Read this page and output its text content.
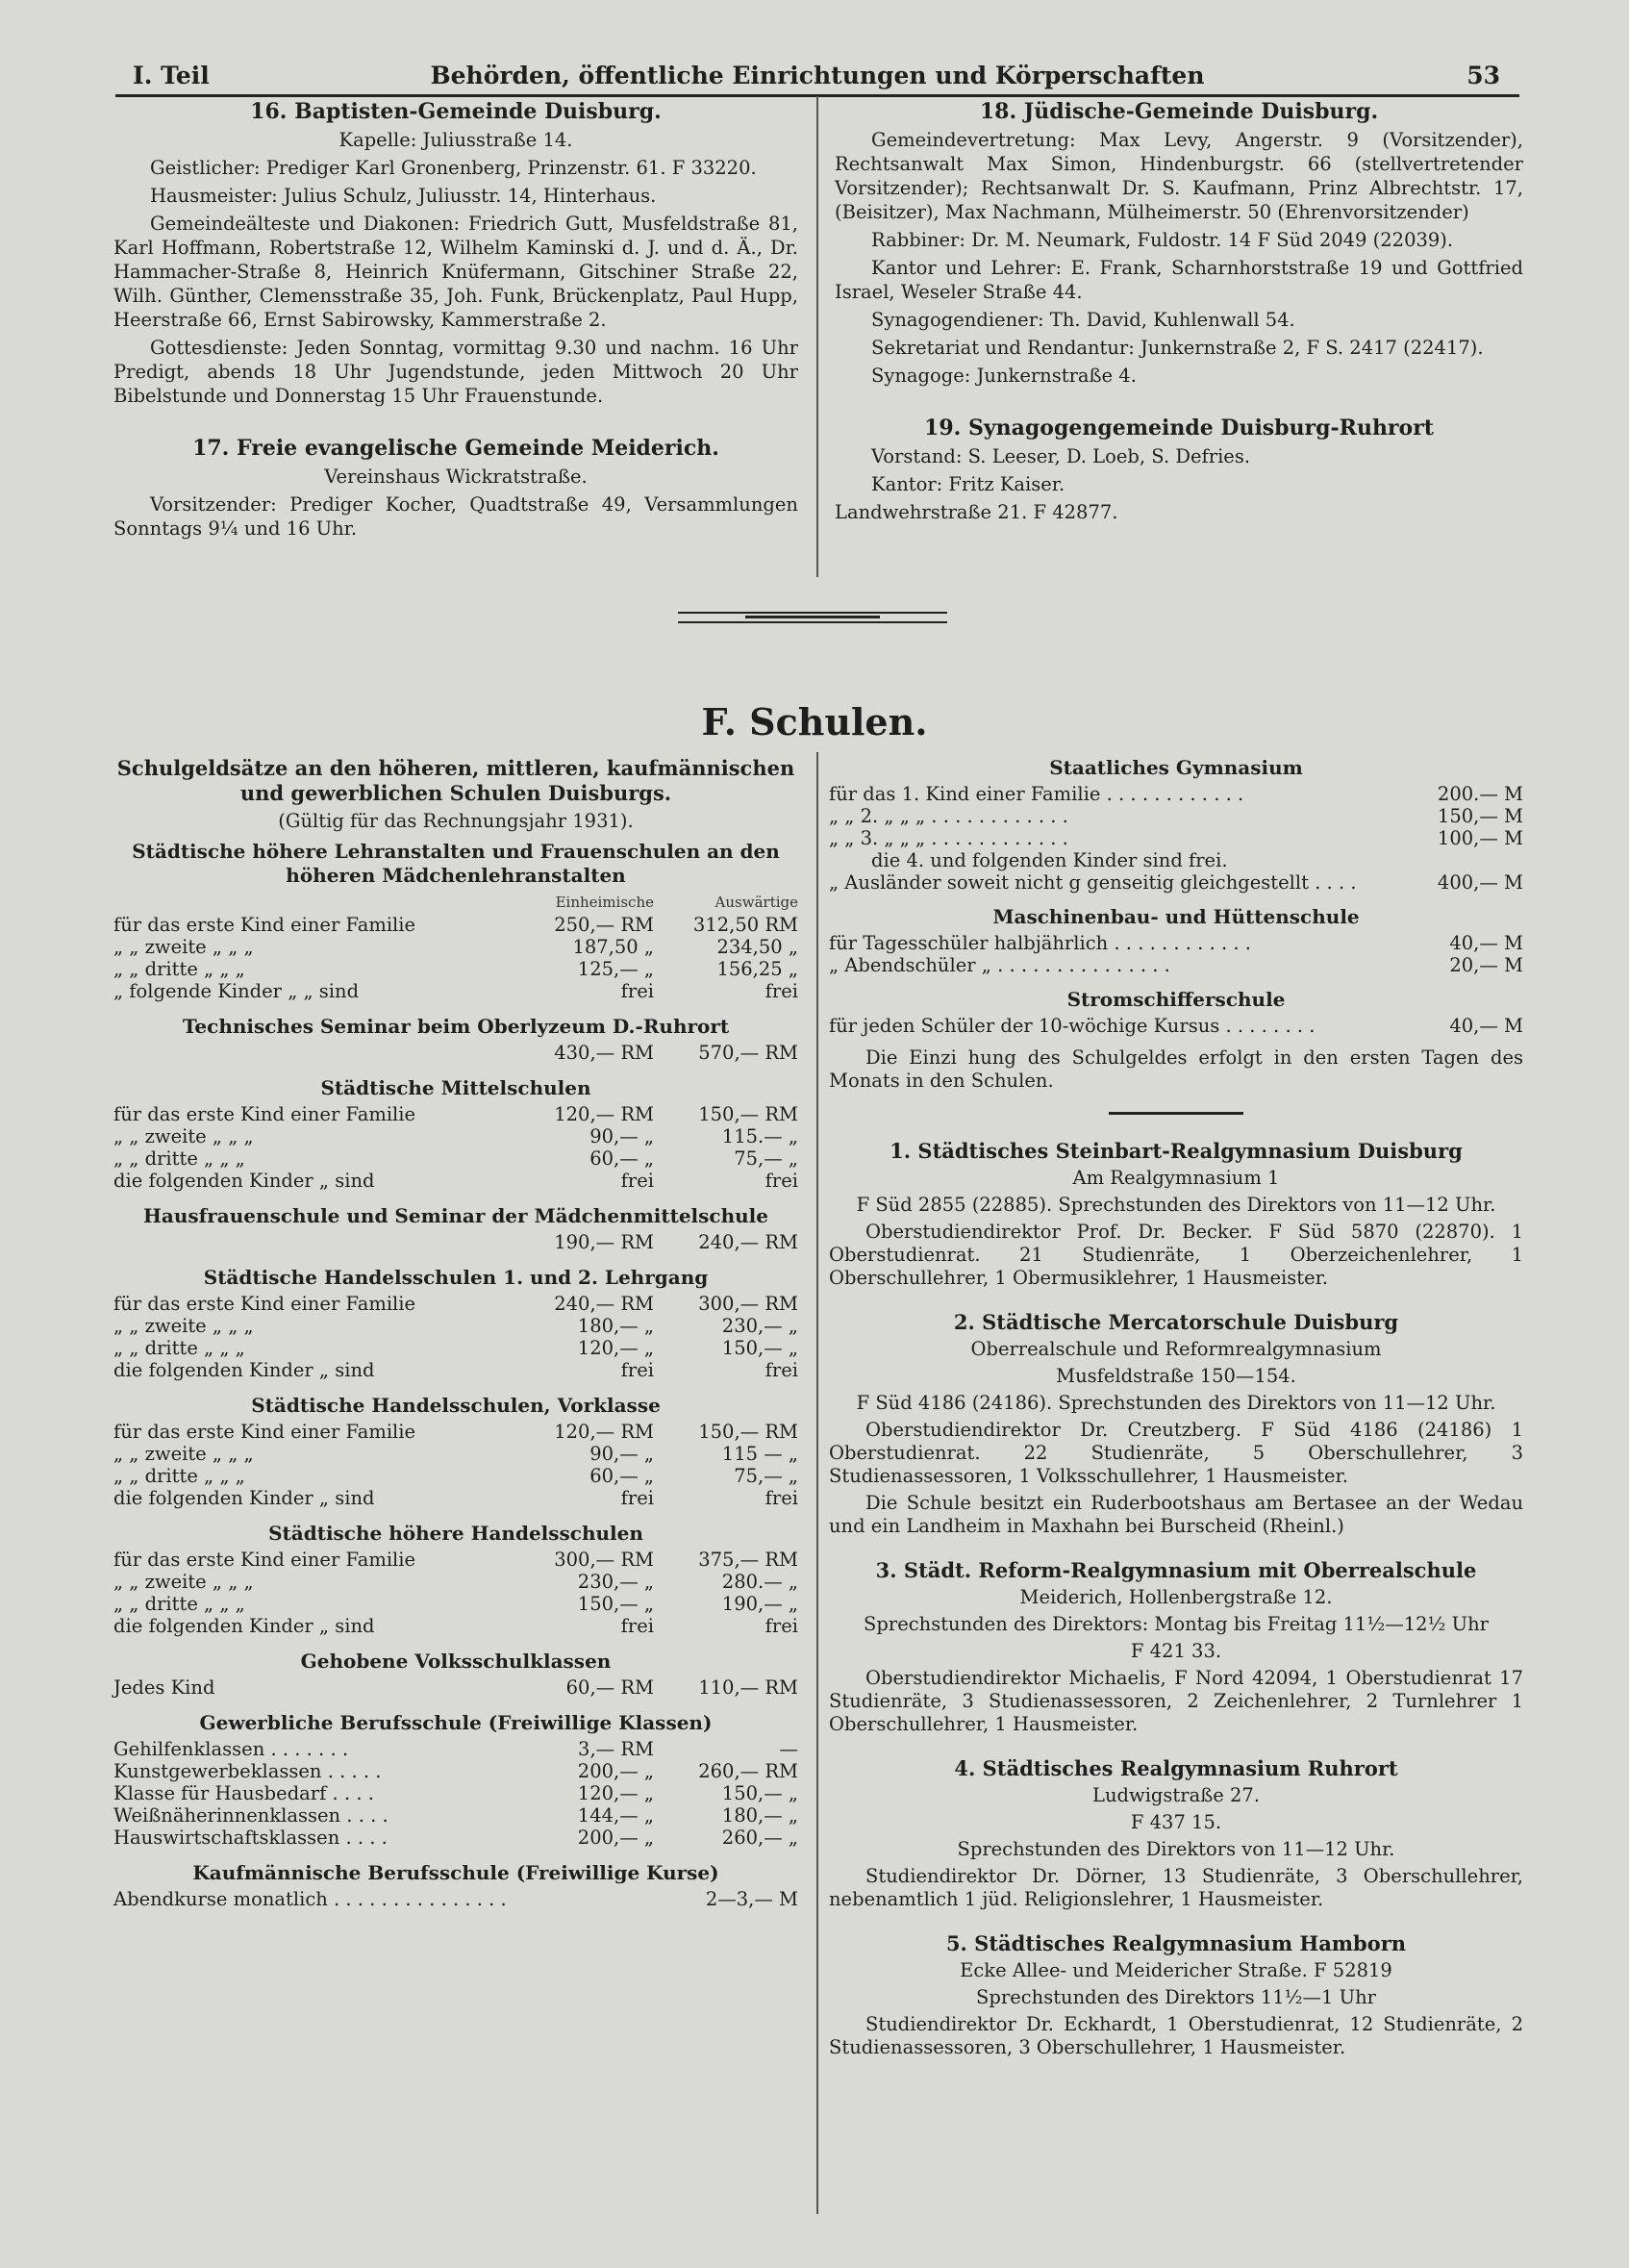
I. Teil	Behörden, öffentliche Einrichtungen und Körperschaften	53
16. Baptisten-Gemeinde Duisburg.
Kapelle: Juliusstraße 14.

Geistlicher: Prediger Karl Gronenberg, Prinzenstr. 61. F 33220.

Hausmeister: Julius Schulz, Juliusstr. 14, Hinterhaus.

Gemeindeälteste und Diakonen: Friedrich Gutt, Musfeldstraße 81, Karl Hoffmann, Robertstraße 12, Wilhelm Kaminski d. J. und d. Ä., Dr. Hammacher-Straße 8, Heinrich Knüfermann, Gitschiner Straße 22, Wilh. Günther, Clemensstraße 35, Joh. Funk, Brückenplatz, Paul Hupp, Heerstraße 66, Ernst Sabirowsky, Kammerstraße 2.

Gottesdienste: Jeden Sonntag, vormittag 9.30 und nachm. 16 Uhr Predigt, abends 18 Uhr Jugendstunde, jeden Mittwoch 20 Uhr Bibelstunde und Donnerstag 15 Uhr Frauenstunde.

17. Freie evangelische Gemeinde Meiderich.
Vereinshaus Wickratstraße.

Vorsitzender: Prediger Kocher, Quadtstraße 49, Versammlungen Sonntags 9¼ und 16 Uhr.

18. Jüdische-Gemeinde Duisburg.

Gemeindevertretung: Max Levy, Angerstr. 9 (Vorsitzender), Rechtsanwalt Max Simon, Hindenburgstr. 66 (stellvertretender Vorsitzender); Rechtsanwalt Dr. S. Kaufmann, Prinz Albrechtstr. 17, (Beisitzer), Max Nachmann, Mülheimerstr. 50 (Ehrenvorsitzender)

Rabbiner: Dr. M. Neumark, Fuldostr. 14 F Süd 2049 (22039).

Kantor und Lehrer: E. Frank, Scharnhorststraße 19 und Gottfried Israel, Weseler Straße 44.

Synagogendiener: Th. David, Kuhlenwall 54.

Sekretariat und Rendantur: Junkernstraße 2, F S. 2417 (22417).

Synagoge: Junkernstraße 4.

19. Synagogengemeinde Duisburg-Ruhrort

Vorstand: S. Leeser, D. Loeb, S. Defries.

Kantor: Fritz Kaiser.

Landwehrstraße 21. F 42877.

F. Schulen.
Schulgeldsätze an den höheren, mittleren, kaufmännischen und gewerblichen Schulen Duisburgs.
(Gültig für das Rechnungsjahr 1931).
Städtische höhere Lehranstalten und Frauenschulen an den höheren Mädchenlehranstalten
	Einheimische	Auswärtige
für das erste Kind einer Familie	250,— RM	312,50 RM
„ „ zweite „ „ „	187,50 „	234,50 „
„ „ dritte „ „ „	125,— „	156,25 „
„ folgende Kinder „ „ sind	frei	frei
Technisches Seminar beim Oberlyzeum D.-Ruhrort
	430,— RM	570,— RM
Städtische Mittelschulen
für das erste Kind einer Familie	120,— RM	150,— RM
„ „ zweite „ „ „	90,— „	115.— „
„ „ dritte „ „ „	60,— „	75,— „
die folgenden Kinder „ sind	frei	frei
Hausfrauenschule und Seminar der Mädchenmittelschule
	190,— RM	240,— RM
Städtische Handelsschulen 1. und 2. Lehrgang
für das erste Kind einer Familie	240,— RM	300,— RM
„ „ zweite „ „ „	180,— „	230,— „
„ „ dritte „ „ „	120,— „	150,— „
die folgenden Kinder „ sind	frei	frei
Städtische Handelsschulen, Vorklasse
für das erste Kind einer Familie	120,— RM	150,— RM
„ „ zweite „ „ „	90,— „	115 — „
„ „ dritte „ „ „	60,— „	75,— „
die folgenden Kinder „ sind	frei	frei
Städtische höhere Handelsschulen
für das erste Kind einer Familie	300,— RM	375,— RM
„ „ zweite „ „ „	230,— „	280.— „
„ „ dritte „ „ „	150,— „	190,— „
die folgenden Kinder „ sind	frei	frei
Gehobene Volksschulklassen
Jedes Kind	60,— RM	110,— RM
Gewerbliche Berufsschule (Freiwillige Klassen)
Gehilfenklassen . . . . . . .	3,— RM	—
Kunstgewerbeklassen . . . . .	200,— „	260,— RM
Klasse für Hausbedarf . . . .	120,— „	150,— „
Weißnäherinnenklassen . . . .	144,— „	180,— „
Hauswirtschaftsklassen . . . .	200,— „	260,— „
Kaufmännische Berufsschule (Freiwillige Kurse)
Abendkurse monatlich . . . . . . . . . . . . . . .	2—3,— M
Staatliches Gymnasium
für das 1. Kind einer Familie . . . . . . . . . . . .	200.— M
„ „ 2. „ „ „ . . . . . . . . . . . .	150,— M
„ „ 3. „ „ „ . . . . . . . . . . . .	100,— M
die 4. und folgenden Kinder sind frei.	
„ Ausländer soweit nicht g genseitig gleichgestellt . . . .	400,— M
Maschinenbau- und Hüttenschule
für Tagesschüler halbjährlich . . . . . . . . . . . .	40,— M
„ Abendschüler „ . . . . . . . . . . . . . . .	20,— M
Stromschifferschule
für jeden Schüler der 10-wöchige Kursus . . . . . . . .	40,— M

Die Einzi hung des Schulgeldes erfolgt in den ersten Tagen des Monats in den Schulen.

1. Städtisches Steinbart-Realgymnasium Duisburg
Am Realgymnasium 1
F Süd 2855 (22885). Sprechstunden des Direktors von 11—12 Uhr.

Oberstudiendirektor Prof. Dr. Becker. F Süd 5870 (22870). 1 Oberstudienrat. 21 Studienräte, 1 Oberzeichenlehrer, 1 Oberschullehrer, 1 Obermusiklehrer, 1 Hausmeister.

2. Städtische Mercatorschule Duisburg
Oberrealschule und Reformrealgymnasium
Musfeldstraße 150—154.
F Süd 4186 (24186). Sprechstunden des Direktors von 11—12 Uhr.

Oberstudiendirektor Dr. Creutzberg. F Süd 4186 (24186) 1 Oberstudienrat. 22 Studienräte, 5 Oberschullehrer, 3 Studienassessoren, 1 Volksschullehrer, 1 Hausmeister.

Die Schule besitzt ein Ruderbootshaus am Bertasee an der Wedau und ein Landheim in Maxhahn bei Burscheid (Rheinl.)

3. Städt. Reform-Realgymnasium mit Oberrealschule
Meiderich, Hollenbergstraße 12.
Sprechstunden des Direktors: Montag bis Freitag 11½—12½ Uhr
F 421 33.

Oberstudiendirektor Michaelis, F Nord 42094, 1 Oberstudienrat 17 Studienräte, 3 Studienassessoren, 2 Zeichenlehrer, 2 Turnlehrer 1 Oberschullehrer, 1 Hausmeister.

4. Städtisches Realgymnasium Ruhrort
Ludwigstraße 27.
F 437 15.
Sprechstunden des Direktors von 11—12 Uhr.

Studiendirektor Dr. Dörner, 13 Studienräte, 3 Oberschullehrer, nebenamtlich 1 jüd. Religionslehrer, 1 Hausmeister.

5. Städtisches Realgymnasium Hamborn
Ecke Allee- und Meidericher Straße. F 52819
Sprechstunden des Direktors 11½—1 Uhr

Studiendirektor Dr. Eckhardt, 1 Oberstudienrat, 12 Studienräte, 2 Studienassessoren, 3 Oberschullehrer, 1 Hausmeister.
